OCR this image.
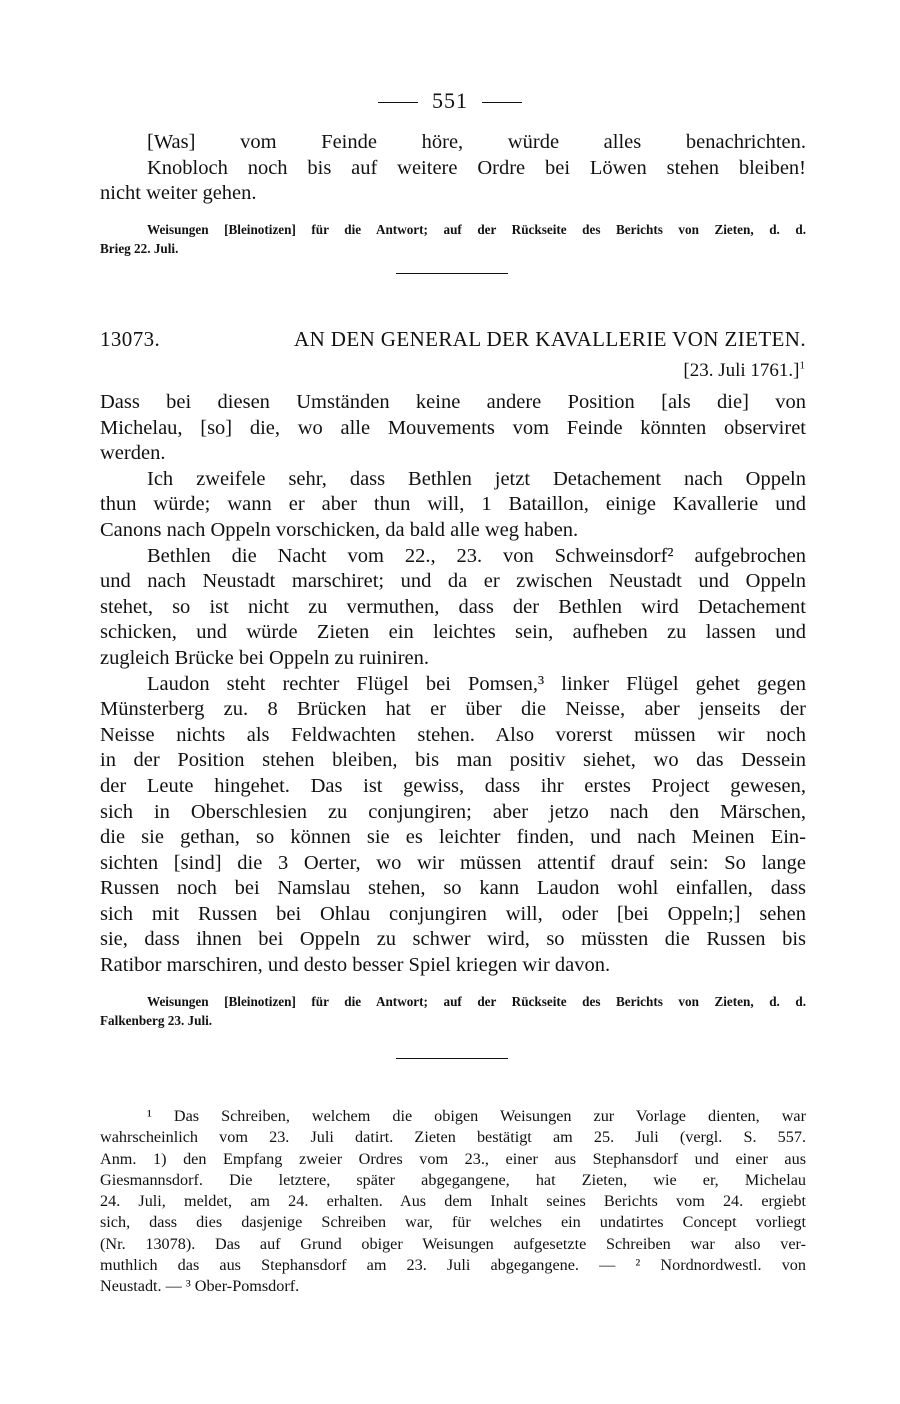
551

[Was] vom Feinde höre, würde alles benachrichten.
Knobloch noch bis auf weitere Ordre bei Löwen stehen bleiben!
nicht weiter gehen.

Weisungen [Bleinotizen] für die Antwort; auf der Rückseite des Berichts von Zieten, d. d.
Brieg 22. Juli.

13073.	AN DEN GENERAL DER KAVALLERIE VON ZIETEN.
[23. Juli 1761.]$^1$

Dass bei diesen Umständen keine andere Position [als die] von
Michelau, [so] die, wo alle Mouvements vom Feinde könnten observiret
werden.

Ich zweifele sehr, dass Bethlen jetzt Detachement nach Oppeln
thun würde; wann er aber thun will, 1 Bataillon, einige Kavallerie und
Canons nach Oppeln vorschicken, da bald alle weg haben.

Bethlen die Nacht vom 22., 23. von Schweinsdorf² aufgebrochen
und nach Neustadt marschiret; und da er zwischen Neustadt und Oppeln
stehet, so ist nicht zu vermuthen, dass der Bethlen wird Detachement
schicken, und würde Zieten ein leichtes sein, aufheben zu lassen und
zugleich Brücke bei Oppeln zu ruiniren.

Laudon steht rechter Flügel bei Pomsen,³ linker Flügel gehet gegen
Münsterberg zu. 8 Brücken hat er über die Neisse, aber jenseits der
Neisse nichts als Feldwachten stehen. Also vorerst müssen wir noch
in der Position stehen bleiben, bis man positiv siehet, wo das Dessein
der Leute hingehet. Das ist gewiss, dass ihr erstes Project gewesen,
sich in Oberschlesien zu conjungiren; aber jetzo nach den Märschen,
die sie gethan, so können sie es leichter finden, und nach Meinen Ein-
sichten [sind] die 3 Oerter, wo wir müssen attentif drauf sein: So lange
Russen noch bei Namslau stehen, so kann Laudon wohl einfallen, dass
sich mit Russen bei Ohlau conjungiren will, oder [bei Oppeln;] sehen
sie, dass ihnen bei Oppeln zu schwer wird, so müssten die Russen bis
Ratibor marschiren, und desto besser Spiel kriegen wir davon.

Weisungen [Bleinotizen] für die Antwort; auf der Rückseite des Berichts von Zieten, d. d.
Falkenberg 23. Juli.

¹ Das Schreiben, welchem die obigen Weisungen zur Vorlage dienten, war
wahrscheinlich vom 23. Juli datirt. Zieten bestätigt am 25. Juli (vergl. S. 557.
Anm. 1) den Empfang zweier Ordres vom 23., einer aus Stephansdorf und einer aus
Giesmannsdorf. Die letztere, später abgegangene, hat Zieten, wie er, Michelau
24. Juli, meldet, am 24. erhalten. Aus dem Inhalt seines Berichts vom 24. ergiebt
sich, dass dies dasjenige Schreiben war, für welches ein undatirtes Concept vorliegt
(Nr. 13078). Das auf Grund obiger Weisungen aufgesetzte Schreiben war also ver-
muthlich das aus Stephansdorf am 23. Juli abgegangene. — ² Nordnordwestl. von
Neustadt. — ³ Ober-Pomsdorf.
